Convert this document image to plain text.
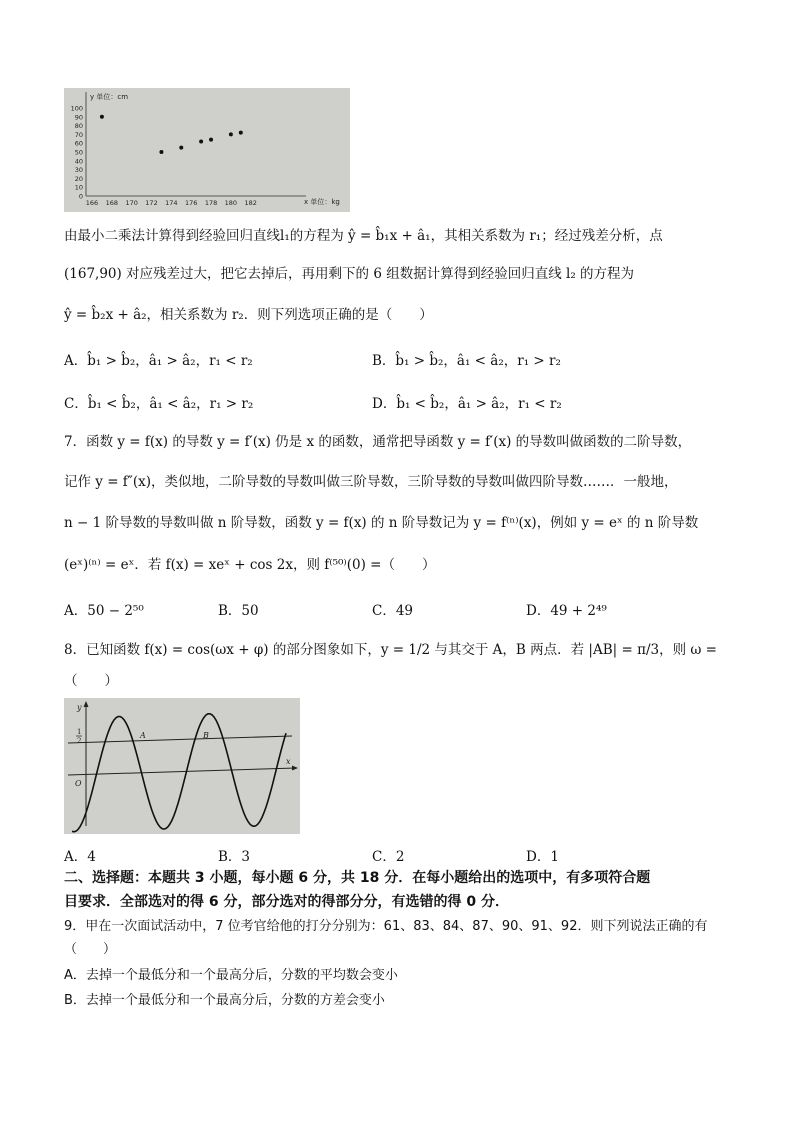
0
10
20
30
40
50
60
70
80
90
100
166 168 170 172 174 176 178 180 182
y 单位：cm
x 单位：kg
由最小二乘法计算得到经验回归直线l₁的方程为 ŷ = b̂₁x + â₁，其相关系数为 r₁；经过残差分析，点
(167,90) 对应残差过大，把它去掉后，再用剩下的 6 组数据计算得到经验回归直线 l₂ 的方程为
ŷ = b̂₂x + â₂，相关系数为 r₂．则下列选项正确的是（　　）
A．b̂₁ > b̂₂，â₁ > â₂，r₁ < r₂	B．b̂₁ > b̂₂，â₁ < â₂，r₁ > r₂
C．b̂₁ < b̂₂，â₁ < â₂，r₁ > r₂	D．b̂₁ < b̂₂，â₁ > â₂，r₁ < r₂
7．函数 y = f(x) 的导数 y = f′(x) 仍是 x 的函数，通常把导函数 y = f′(x) 的导数叫做函数的二阶导数，
记作 y = f″(x)，类似地，二阶导数的导数叫做三阶导数，三阶导数的导数叫做四阶导数……．一般地，
n − 1 阶导数的导数叫做 n 阶导数，函数 y = f(x) 的 n 阶导数记为 y = f⁽ⁿ⁾(x)，例如 y = eˣ 的 n 阶导数
(eˣ)⁽ⁿ⁾ = eˣ．若 f(x) = xeˣ + cos 2x，则 f⁽⁵⁰⁾(0) =（　　）
A．50 − 2⁵⁰	B．50	C．49	D．49 + 2⁴⁹
8．已知函数 f(x) = cos(ωx + φ) 的部分图象如下，y = 1/2 与其交于 A，B 两点．若 |AB| = π/3，则 ω =
（　　）
y
x
O
1
2
A	B
A．4	B．3	C．2	D．1
二、选择题：本题共 3 小题，每小题 6 分，共 18 分．在每小题给出的选项中，有多项符合题
目要求．全部选对的得 6 分，部分选对的得部分分，有选错的得 0 分．
9．甲在一次面试活动中，7 位考官给他的打分分别为：61、83、84、87、90、91、92．则下列说法正确的有
（　　）
A．去掉一个最低分和一个最高分后，分数的平均数会变小
B．去掉一个最低分和一个最高分后，分数的方差会变小
